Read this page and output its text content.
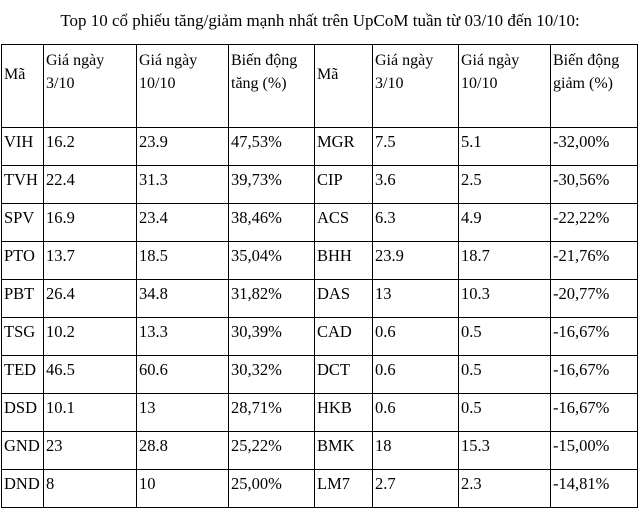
Top 10 cổ phiếu tăng/giảm mạnh nhất trên UpCoM tuần từ 03/10 đến 10/10:
Mã	Giá ngày 3/10	Giá ngày 10/10	Biến động tăng (%)	Mã	Giá ngày 3/10	Giá ngày 10/10	Biến động giảm (%)
VIH	16.2	23.9	47,53%	MGR	7.5	5.1	-32,00%
TVH	22.4	31.3	39,73%	CIP	3.6	2.5	-30,56%
SPV	16.9	23.4	38,46%	ACS	6.3	4.9	-22,22%
PTO	13.7	18.5	35,04%	BHH	23.9	18.7	-21,76%
PBT	26.4	34.8	31,82%	DAS	13	10.3	-20,77%
TSG	10.2	13.3	30,39%	CAD	0.6	0.5	-16,67%
TED	46.5	60.6	30,32%	DCT	0.6	0.5	-16,67%
DSD	10.1	13	28,71%	HKB	0.6	0.5	-16,67%
GND	23	28.8	25,22%	BMK	18	15.3	-15,00%
DND	8	10	25,00%	LM7	2.7	2.3	-14,81%
